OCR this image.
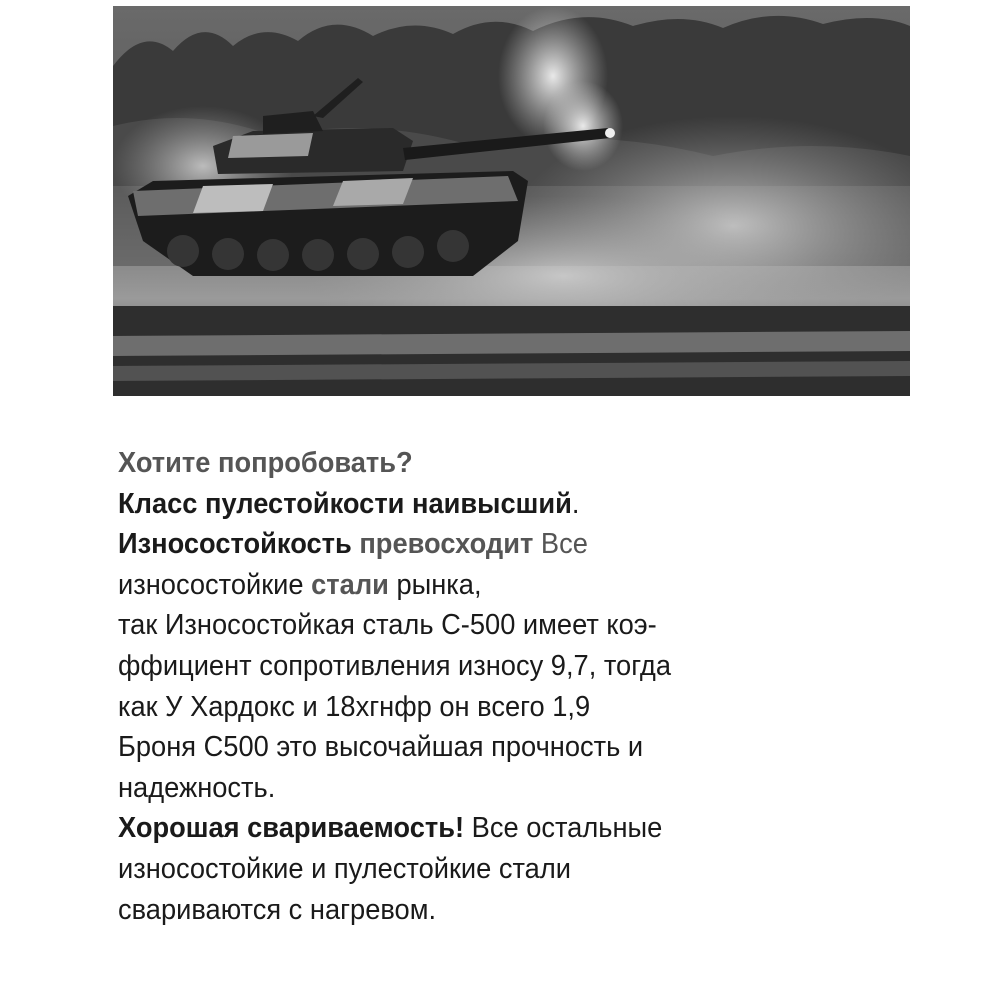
Хотите попробовать?
Класс пулестойкости наивысший.
Износостойкость превосходит Все
износостойкие стали рынка,
так Износостойкая сталь С-500 имеет коэ-
ффициент сопротивления износу 9,7, тогда
как У Хардокс и 18хгнфр он всего 1,9
Броня С500 это высочайшая прочность и
надежность.
Хорошая свариваемость! Все остальные
износостойкие и пулестойкие стали
свариваются с нагревом.
